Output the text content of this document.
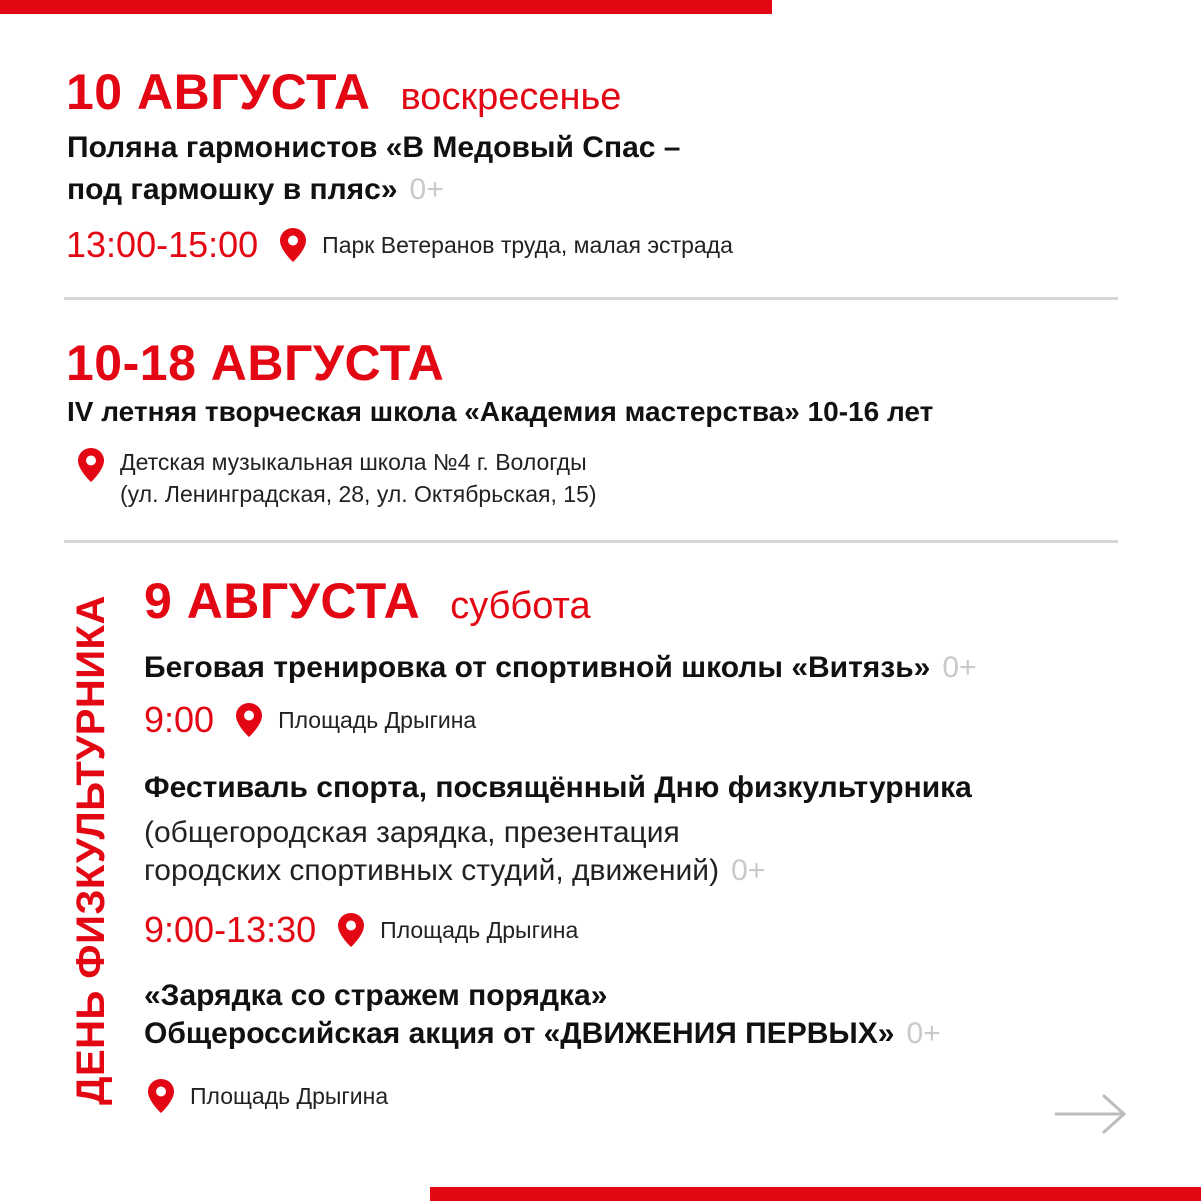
10 АВГУСТА воскресенье
Поляна гармонистов «В Медовый Спас –
под гармошку в пляс» 0+
13:00-15:00	Парк Ветеранов труда, малая эстрада
10-18 АВГУСТА
IV летняя творческая школа «Академия мастерства» 10-16 лет
Детская музыкальная школа №4 г. Вологды
(ул. Ленинградская, 28, ул. Октябрьская, 15)
ДЕНЬ ФИЗКУЛЬТУРНИКА 9 АВГУСТА суббота
Беговая тренировка от спортивной школы «Витязь» 0+
9:00	Площадь Дрыгина
Фестиваль спорта, посвящённый Дню физкультурника
(общегородская зарядка, презентация
городских спортивных студий, движений) 0+
9:00-13:30	Площадь Дрыгина
«Зарядка со стражем порядка»
Общероссийская акция от «ДВИЖЕНИЯ ПЕРВЫХ» 0+
Площадь Дрыгина
